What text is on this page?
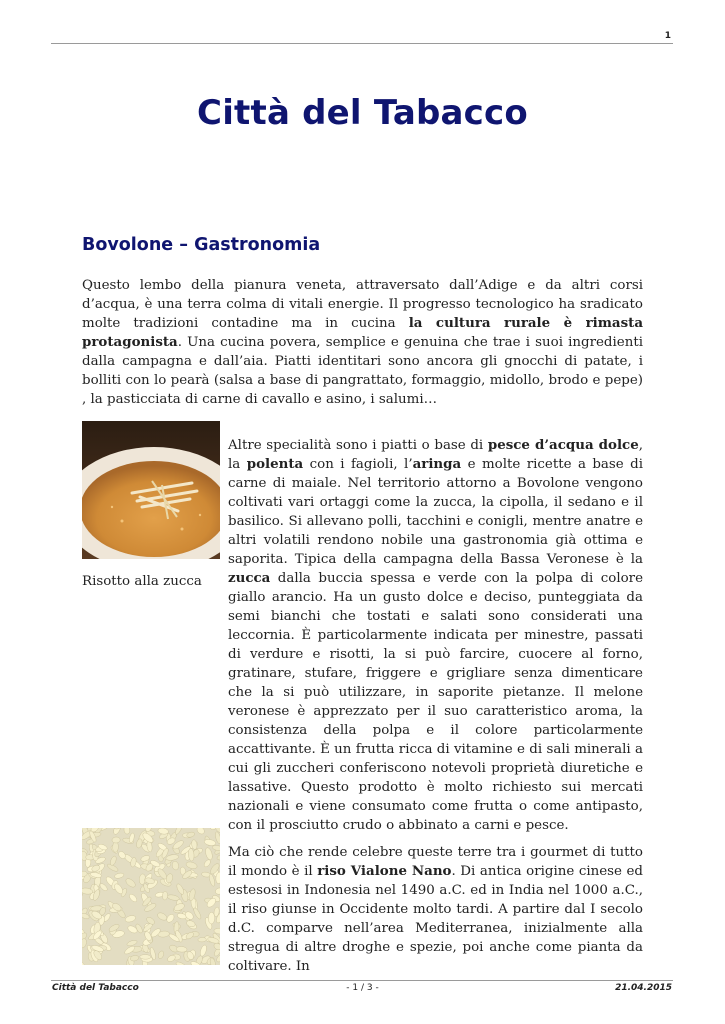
1
Città del Tabacco
Bovolone – Gastronomia

Questo lembo della pianura veneta, attraversato dall’Adige e da altri corsi d’acqua, è una terra colma di vitali energie. Il progresso tecnologico ha sradicato molte tradizioni contadine ma in cucina la cultura rurale è rimasta protagonista. Una cucina povera, semplice e genuina che trae i suoi ingredienti dalla campagna e dall’aia. Piatti identitari sono ancora gli gnocchi di patate, i bolliti con lo pearà (salsa a base di pangrattato, formaggio, midollo, brodo e pepe) , la pasticciata di carne di cavallo e asino, i salumi…

Risotto alla zucca

Altre specialità sono i piatti o base di pesce d’acqua dolce, la polenta con i fagioli, l’aringa e molte ricette a base di carne di maiale. Nel territorio attorno a Bovolone vengono coltivati vari ortaggi come la zucca, la cipolla, il sedano e il basilico. Si allevano polli, tacchini e conigli, mentre anatre e altri volatili rendono nobile una gastronomia già ottima e saporita. Tipica della campagna della Bassa Veronese è la zucca dalla buccia spessa e verde con la polpa di colore giallo arancio. Ha un gusto dolce e deciso, punteggiata da semi bianchi che tostati e salati sono considerati una leccornia. È particolarmente indicata per minestre, passati di verdure e risotti, la si può farcire, cuocere al forno, gratinare, stufare, friggere e grigliare senza dimenticare che la si può utilizzare, in saporite pietanze. Il melone veronese è apprezzato per il suo caratteristico aroma, la consistenza della polpa e il colore particolarmente accattivante. È un frutta ricca di vitamine e di sali minerali a cui gli zuccheri conferiscono notevoli proprietà diuretiche e lassative. Questo prodotto è molto richiesto sui mercati nazionali e viene consumato come frutta o come antipasto, con il prosciutto crudo o abbinato a carni e pesce.

Ma ciò che rende celebre queste terre tra i gourmet di tutto il mondo è il riso Vialone Nano. Di antica origine cinese ed estesosi in Indonesia nel 1490 a.C. ed in India nel 1000 a.C., il riso giunse in Occidente molto tardi. A partire dal I secolo d.C. comparve nell’area Mediterranea, inizialmente alla stregua di altre droghe e spezie, poi anche come pianta da coltivare. In

Città del Tabacco	- 1 / 3 -	21.04.2015
